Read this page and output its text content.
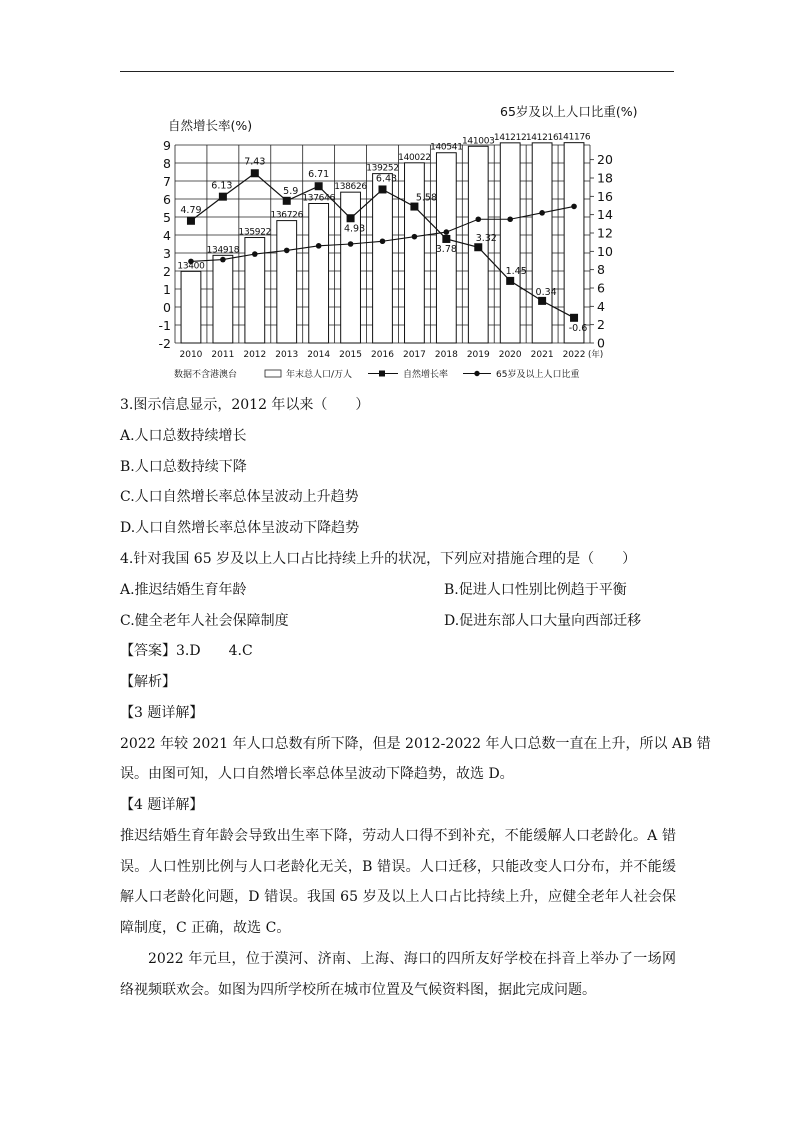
9
8
7
6
5
4
3
2
1
0
-1
-2
20
18
16
14
12
10
8
6
4
2
0
2010 2011 2012 2013 2014 2015 2016 2017 2018 2019 2020 2021 2022
13400
134918
135922
136726
137646
138626
139252
140022
140541
141003 141212 141216 141176
4.79
6.13
7.43
5.9
6.71
4.93
6.43
5.58
3.78
3.32
1.45
0.34
-0.6
自然增长率(%)
65岁及以上人口比重(%)
(年)
数据不含港澳台	年末总人口/万人	自然增长率	65岁及以上人口比重
3.图示信息显示，2012 年以来（　　）
A.人口总数持续增长
B.人口总数持续下降
C.人口自然增长率总体呈波动上升趋势
D.人口自然增长率总体呈波动下降趋势
4.针对我国 65 岁及以上人口占比持续上升的状况，下列应对措施合理的是（　　）
A.推迟结婚生育年龄	B.促进人口性别比例趋于平衡
C.健全老年人社会保障制度	D.促进东部人口大量向西部迁移
【答案】3.D　　4.C
【解析】
【3 题详解】
2022 年较 2021 年人口总数有所下降，但是 2012-2022 年人口总数一直在上升，所以 AB 错
误。由图可知，人口自然增长率总体呈波动下降趋势，故选 D。
【4 题详解】
推迟结婚生育年龄会导致出生率下降，劳动人口得不到补充，不能缓解人口老龄化。A 错误。人口性别比例与人口老龄化无关，B 错误。人口迁移，只能改变人口分布，并不能缓解人口老龄化问题，D 错误。我国 65 岁及以上人口占比持续上升，应健全老年人社会保障制度，C 正确，故选 C。
2022 年元旦，位于漠河、济南、上海、海口的四所友好学校在抖音上举办了一场网络视频联欢会。如图为四所学校所在城市位置及气候资料图，据此完成问题。
